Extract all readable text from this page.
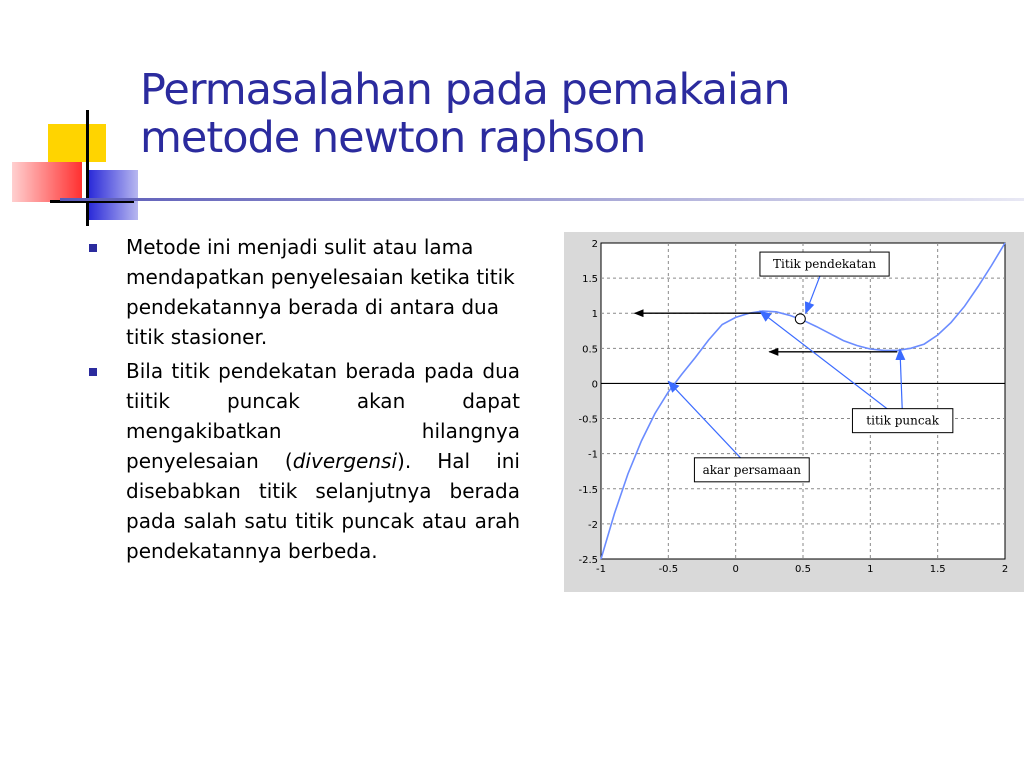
Permasalahan pada pemakaian
metode newton raphson

Metode ini menjadi sulit atau lama mendapatkan penyelesaian ketika titik pendekatannya berada di antara dua titik stasioner.

Bila titik pendekatan berada pada dua tiitik puncak akan dapat mengakibatkan hilangnya penyelesaian (divergensi). Hal ini disebabkan titik selanjutnya berada pada salah satu titik puncak atau arah pendekatannya berbeda.

-1	-0.5	0	0.5	1	1.5	2
-2.5
-2
-1.5
-1
-0.5
0
0.5
1
1.5
2
Titik pendekatan
titik puncak
akar persamaan
